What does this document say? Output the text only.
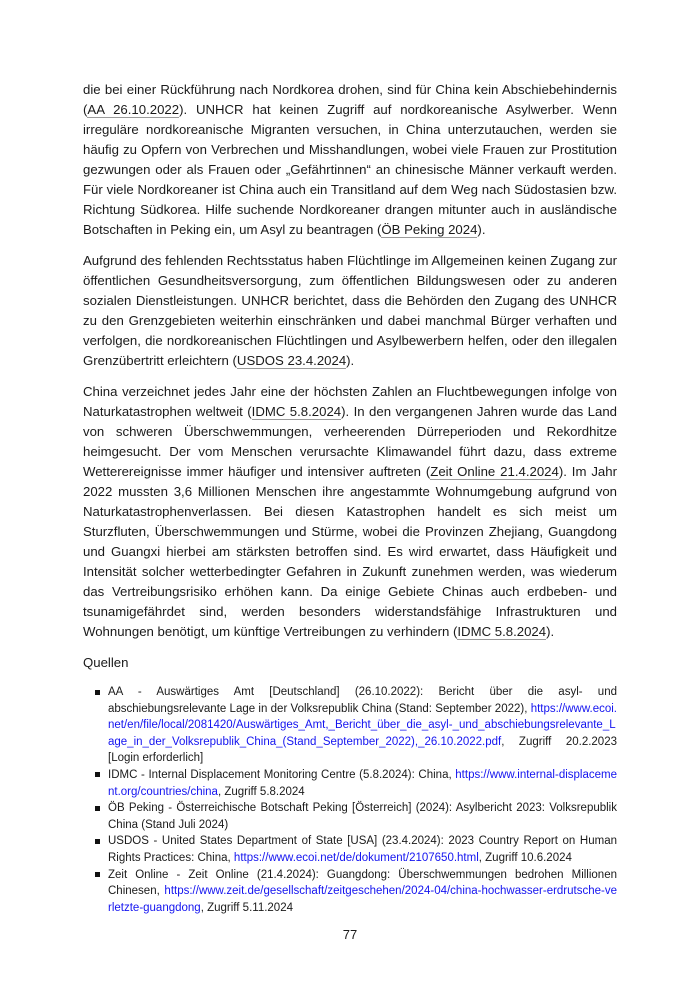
die bei einer Rückführung nach Nordkorea drohen, sind für China kein Abschiebehindernis (AA 26.10.2022). UNHCR hat keinen Zugriff auf nordkoreanische Asylwerber. Wenn irreguläre nordkoreanische Migranten versuchen, in China unterzutauchen, werden sie häufig zu Opfern von Verbrechen und Misshandlungen, wobei viele Frauen zur Prostitution gezwungen oder als Frauen oder „Gefährtinnen“ an chinesische Männer verkauft werden. Für viele Nordkoreaner ist China auch ein Transitland auf dem Weg nach Südostasien bzw. Richtung Südkorea. Hilfe suchende Nordkoreaner drangen mitunter auch in ausländische Botschaften in Peking ein, um Asyl zu beantragen (ÖB Peking 2024).

Aufgrund des fehlenden Rechtsstatus haben Flüchtlinge im Allgemeinen keinen Zugang zur öffentlichen Gesundheitsversorgung, zum öffentlichen Bildungswesen oder zu anderen sozialen Dienstleistungen. UNHCR berichtet, dass die Behörden den Zugang des UNHCR zu den Grenzgebieten weiterhin einschränken und dabei manchmal Bürger verhaften und verfolgen, die nordkoreanischen Flüchtlingen und Asylbewerbern helfen, oder den illegalen Grenzübertritt erleichtern (USDOS 23.4.2024).

China verzeichnet jedes Jahr eine der höchsten Zahlen an Fluchtbewegungen infolge von Naturkatastrophen weltweit (IDMC 5.8.2024). In den vergangenen Jahren wurde das Land von schweren Überschwemmungen, verheerenden Dürreperioden und Rekordhitze heimgesucht. Der vom Menschen verursachte Klimawandel führt dazu, dass extreme Wetterereignisse immer häufiger und intensiver auftreten (Zeit Online 21.4.2024). Im Jahr 2022 mussten 3,6 Millionen Menschen ihre angestammte Wohnumgebung aufgrund von Naturkatastrophenverlassen. Bei diesen Katastrophen handelt es sich meist um Sturzfluten, Überschwemmungen und Stürme, wobei die Provinzen Zhejiang, Guangdong und Guangxi hierbei am stärksten betroffen sind. Es wird erwartet, dass Häufigkeit und Intensität solcher wetterbedingter Gefahren in Zukunft zunehmen werden, was wiederum das Vertreibungsrisiko erhöhen kann. Da einige Gebiete Chinas auch erdbeben- und tsunamigefährdet sind, werden besonders widerstandsfähige Infrastrukturen und Wohnungen benötigt, um künftige Vertreibungen zu verhindern (IDMC 5.8.2024).

Quellen
AA - Auswärtiges Amt [Deutschland] (26.10.2022): Bericht über die asyl- und abschiebungsrelevante Lage in der Volksrepublik China (Stand: September 2022), https://www.ecoi.net/en/file/local/2081420/Auswärtiges_Amt,_Bericht_über_die_asyl-_und_abschiebungsrelevante_Lage_in_der_Volksrepublik_China_(Stand_September_2022),_26.10.2022.pdf, Zugriff 20.2.2023 [Login erforderlich]
IDMC - Internal Displacement Monitoring Centre (5.8.2024): China, https://www.internal-displacement.org/countries/china, Zugriff 5.8.2024
ÖB Peking - Österreichische Botschaft Peking [Österreich] (2024): Asylbericht 2023: Volksrepublik China (Stand Juli 2024)
USDOS - United States Department of State [USA] (23.4.2024): 2023 Country Report on Human Rights Practices: China, https://www.ecoi.net/de/dokument/2107650.html, Zugriff 10.6.2024
Zeit Online - Zeit Online (21.4.2024): Guangdong: Überschwemmungen bedrohen Millionen Chinesen, https://www.zeit.de/gesellschaft/zeitgeschehen/2024-04/china-hochwasser-erdrutsche-verletzte-guangdong, Zugriff 5.11.2024
77
